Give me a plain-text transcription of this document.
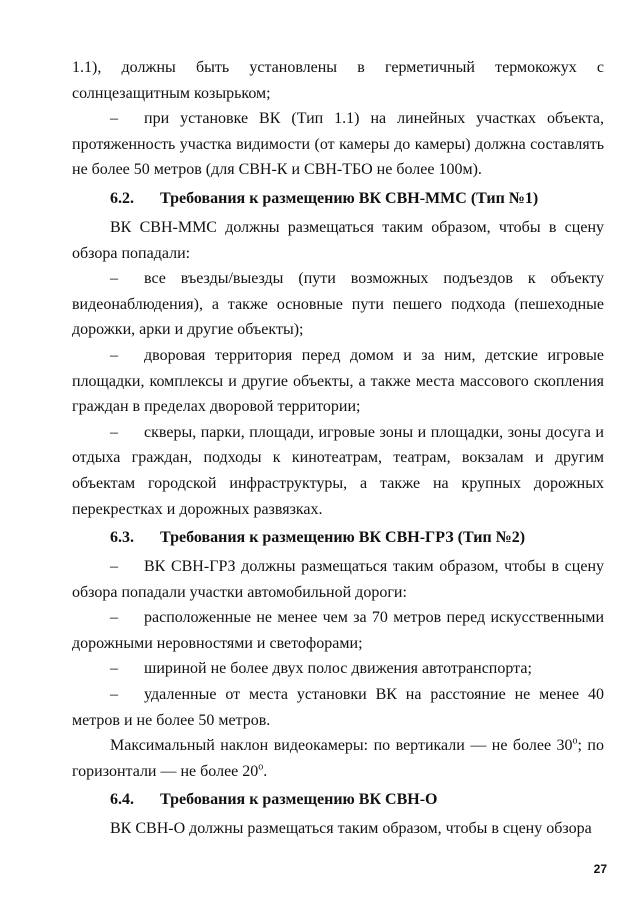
1.1), должны быть установлены в герметичный термокожух с солнцезащитным козырьком;

– при установке ВК (Тип 1.1) на линейных участках объекта, протяженность участка видимости (от камеры до камеры) должна составлять не более 50 метров (для СВН-К и СВН-ТБО не более 100м).

6.2. Требования к размещению ВК СВН-ММС (Тип №1)

ВК СВН-ММС должны размещаться таким образом, чтобы в сцену обзора попадали:

– все въезды/выезды (пути возможных подъездов к объекту видеонаблюдения), а также основные пути пешего подхода (пешеходные дорожки, арки и другие объекты);

– дворовая территория перед домом и за ним, детские игровые площадки, комплексы и другие объекты, а также места массового скопления граждан в пределах дворовой территории;

– скверы, парки, площади, игровые зоны и площадки, зоны досуга и отдыха граждан, подходы к кинотеатрам, театрам, вокзалам и другим объектам городской инфраструктуры, а также на крупных дорожных перекрестках и дорожных развязках.

6.3. Требования к размещению ВК СВН-ГРЗ (Тип №2)

– ВК СВН-ГРЗ должны размещаться таким образом, чтобы в сцену обзора попадали участки автомобильной дороги:

– расположенные не менее чем за 70 метров перед искусственными дорожными неровностями и светофорами;

– шириной не более двух полос движения автотранспорта;

– удаленные от места установки ВК на расстояние не менее 40 метров и не более 50 метров.

Максимальный наклон видеокамеры: по вертикали — не более 30$^o$; по горизонтали — не более 20$^o$.

6.4. Требования к размещению ВК СВН-О

ВК СВН-О должны размещаться таким образом, чтобы в сцену обзора

27
